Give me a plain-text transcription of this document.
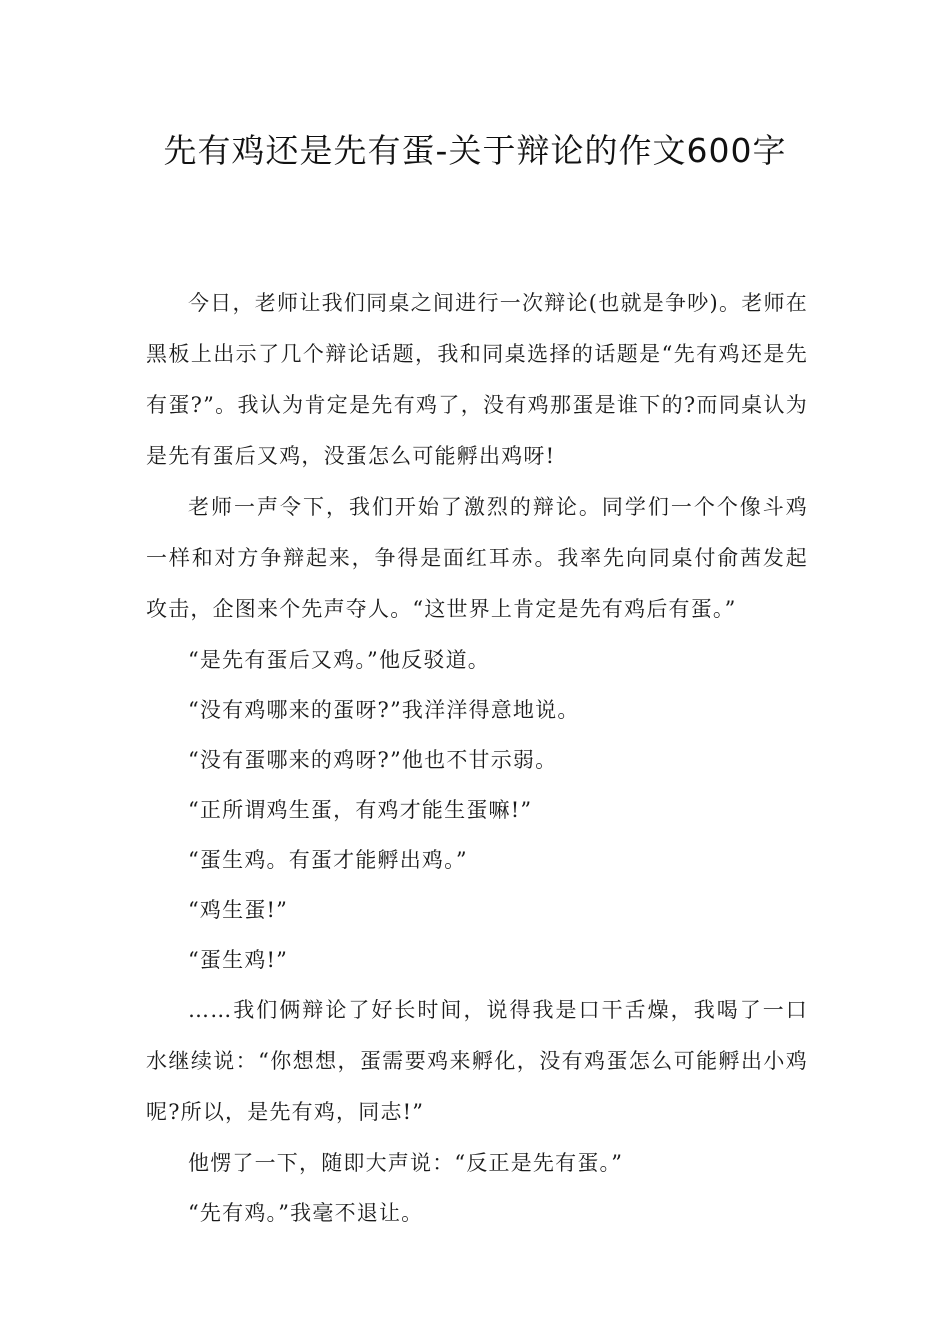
先有鸡还是先有蛋-关于辩论的作文600字

今日，老师让我们同桌之间进行一次辩论(也就是争吵)。老师在黑板上出示了几个辩论话题，我和同桌选择的话题是“先有鸡还是先有蛋?”。我认为肯定是先有鸡了，没有鸡那蛋是谁下的?而同桌认为是先有蛋后又鸡，没蛋怎么可能孵出鸡呀!

老师一声令下，我们开始了激烈的辩论。同学们一个个像斗鸡一样和对方争辩起来，争得是面红耳赤。我率先向同桌付俞茜发起攻击，企图来个先声夺人。“这世界上肯定是先有鸡后有蛋。”

“是先有蛋后又鸡。”他反驳道。

“没有鸡哪来的蛋呀?”我洋洋得意地说。

“没有蛋哪来的鸡呀?”他也不甘示弱。

“正所谓鸡生蛋，有鸡才能生蛋嘛!”

“蛋生鸡。有蛋才能孵出鸡。”

“鸡生蛋!”

“蛋生鸡!”

……我们俩辩论了好长时间，说得我是口干舌燥，我喝了一口水继续说：“你想想，蛋需要鸡来孵化，没有鸡蛋怎么可能孵出小鸡呢?所以，是先有鸡，同志!”

他愣了一下，随即大声说：“反正是先有蛋。”

“先有鸡。”我毫不退让。
